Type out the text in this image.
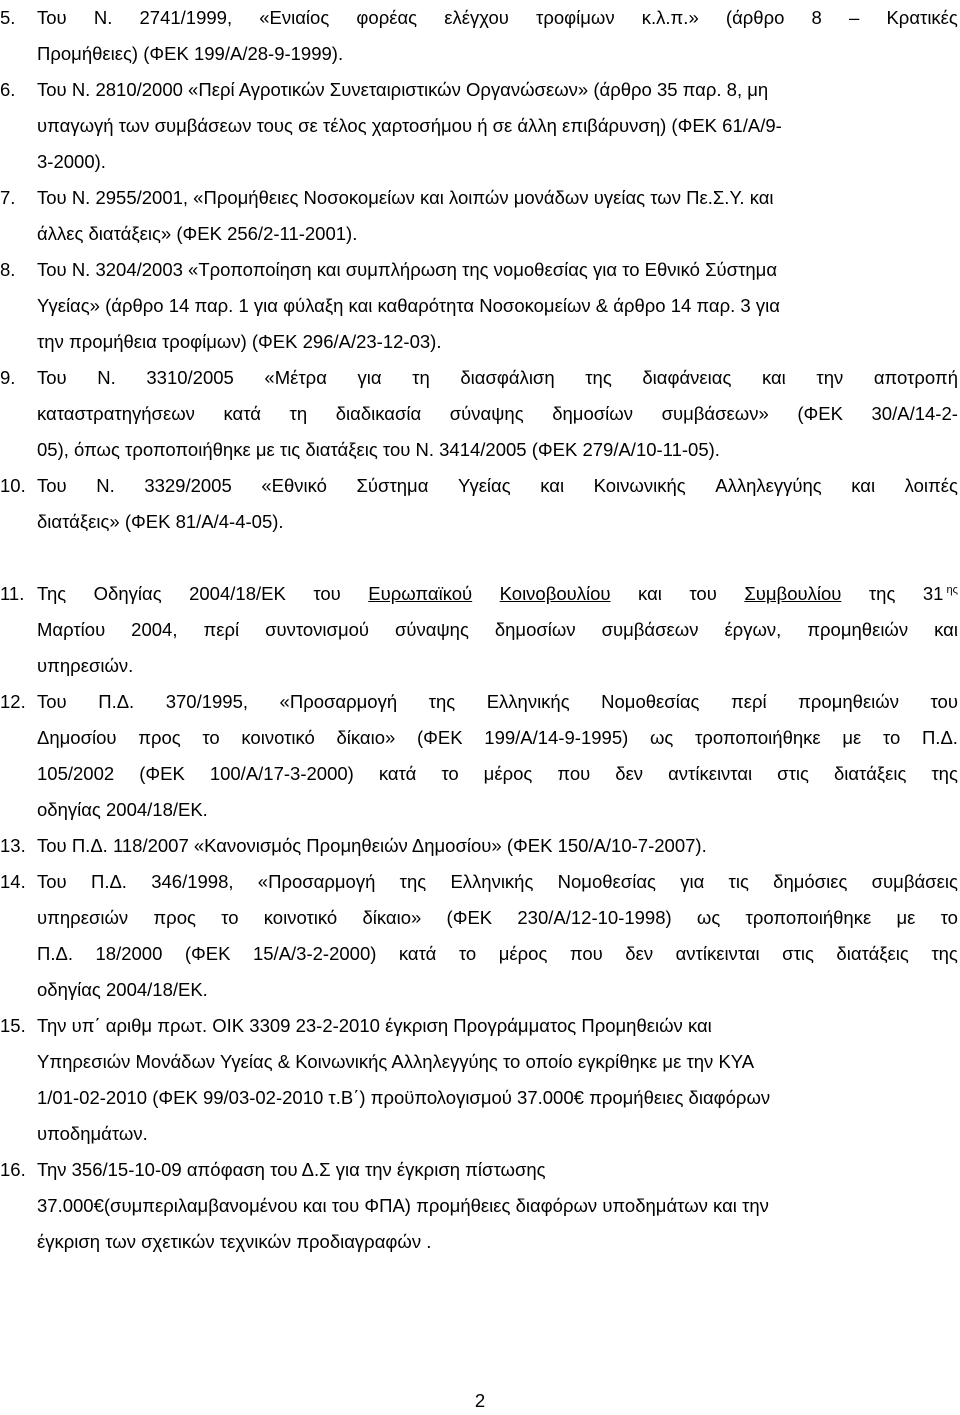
5.	Του Ν. 2741/1999, «Ενιαίος φορέας ελέγχου τροφίμων κ.λ.π.» (άρθρο 8 – Κρατικές
Προμήθειες) (ΦΕΚ 199/Α/28-9-1999).
6.	Του Ν. 2810/2000 «Περί Αγροτικών Συνεταιριστικών Οργανώσεων» (άρθρο 35 παρ. 8, μη
υπαγωγή των συμβάσεων τους σε τέλος χαρτοσήμου ή σε άλλη επιβάρυνση) (ΦΕΚ 61/Α/9-
3-2000).
7.	Του Ν. 2955/2001, «Προμήθειες Νοσοκομείων και λοιπών μονάδων υγείας των Πε.Σ.Υ. και
άλλες διατάξεις» (ΦΕΚ 256/2-11-2001).
8.	Του Ν. 3204/2003 «Τροποποίηση και συμπλήρωση της νομοθεσίας για το Εθνικό Σύστημα
Υγείας» (άρθρο 14 παρ. 1 για φύλαξη και καθαρότητα Νοσοκομείων & άρθρο 14 παρ. 3 για
την προμήθεια τροφίμων) (ΦΕΚ 296/Α/23-12-03).
9.	Του Ν. 3310/2005 «Μέτρα για τη διασφάλιση της διαφάνειας και την αποτροπή
καταστρατηγήσεων κατά τη διαδικασία σύναψης δημοσίων συμβάσεων» (ΦΕΚ 30/Α/14-2-
05), όπως τροποποιήθηκε με τις διατάξεις του Ν. 3414/2005 (ΦΕΚ 279/Α/10-11-05).
10. Του Ν. 3329/2005 «Εθνικό Σύστημα Υγείας και Κοινωνικής Αλληλεγγύης και λοιπές
διατάξεις» (ΦΕΚ 81/Α/4-4-05).
11. Της Οδηγίας 2004/18/ΕΚ του Ευρωπαϊκού Κοινοβουλίου και του Συμβουλίου της 31 $^{\eta\varsigma}$
Μαρτίου 2004, περί συντονισμού σύναψης δημοσίων συμβάσεων έργων, προμηθειών και
υπηρεσιών.
12. Του Π.Δ. 370/1995, «Προσαρμογή της Ελληνικής Νομοθεσίας περί προμηθειών του
Δημοσίου προς το κοινοτικό δίκαιο» (ΦΕΚ 199/Α/14-9-1995) ως τροποποιήθηκε με το Π.Δ.
105/2002 (ΦΕΚ 100/Α/17-3-2000) κατά το μέρος που δεν αντίκεινται στις διατάξεις της
οδηγίας 2004/18/ΕΚ.
13. Του Π.Δ. 118/2007 «Κανονισμός Προμηθειών Δημοσίου» (ΦΕΚ 150/Α/10-7-2007).
14. Του Π.Δ. 346/1998, «Προσαρμογή της Ελληνικής Νομοθεσίας για τις δημόσιες συμβάσεις
υπηρεσιών προς το κοινοτικό δίκαιο» (ΦΕΚ 230/Α/12-10-1998) ως τροποποιήθηκε με το
Π.Δ. 18/2000 (ΦΕΚ 15/Α/3-2-2000) κατά το μέρος που δεν αντίκεινται στις διατάξεις της
οδηγίας 2004/18/ΕΚ.
15. Την υπ΄ αριθμ πρωτ. ΟΙΚ 3309 23-2-2010 έγκριση Προγράμματος Προμηθειών και
Υπηρεσιών Μονάδων Υγείας & Κοινωνικής Αλληλεγγύης το οποίο εγκρίθηκε με την ΚΥΑ
1/01-02-2010 (ΦΕΚ 99/03-02-2010 τ.Β΄) προϋπολογισμού 37.000€ προμήθειες διαφόρων
υποδημάτων.
16. Την 356/15-10-09 απόφαση του Δ.Σ για την έγκριση πίστωσης
37.000€(συμπεριλαμβανομένου και του ΦΠΑ) προμήθειες διαφόρων υποδημάτων και την
έγκριση των σχετικών τεχνικών προδιαγραφών .
2
